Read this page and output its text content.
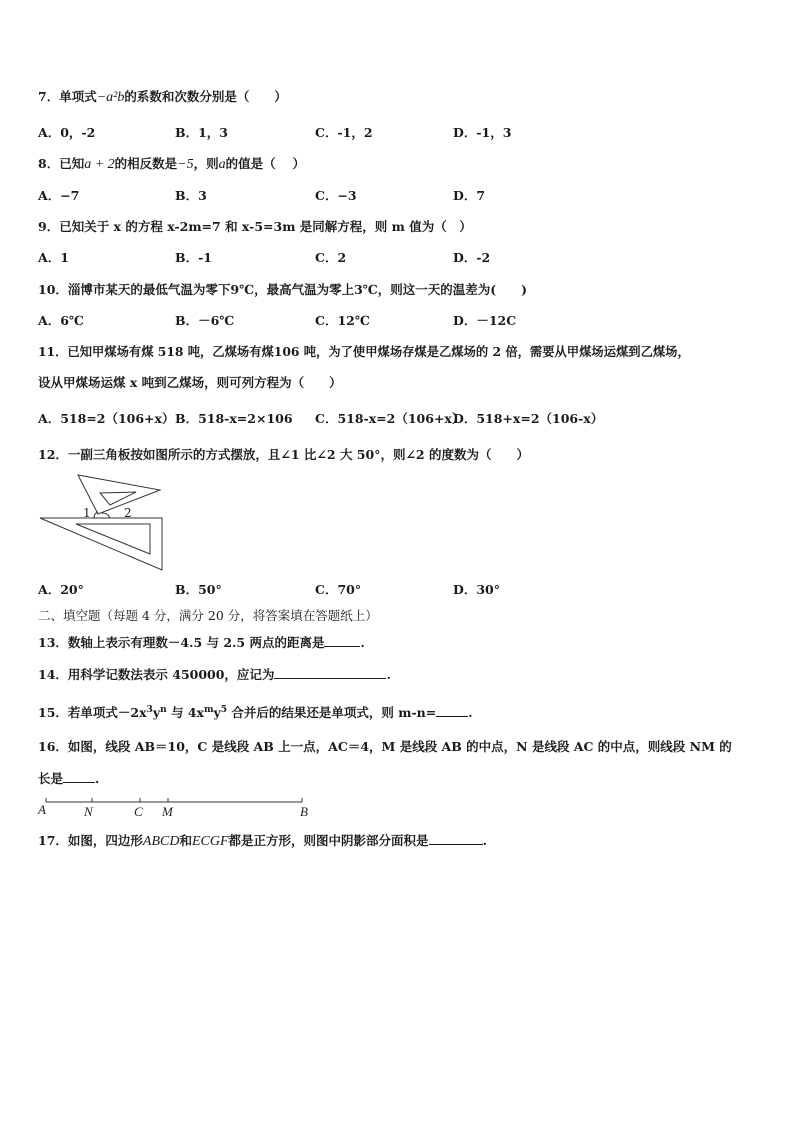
7．单项式−a²b的系数和次数分别是（　　）
A．0，-2	B．1，3	C．-1，2	D．-1，3
8．已知a + 2的相反数是−5，则a的值是（　 ）
A．−7	B．3	C．−3	D．7
9．已知关于 x 的方程 x-2m=7 和 x-5=3m 是同解方程，则 m 值为（　）
A．1	B．-1	C．2	D．-2
10．淄博市某天的最低气温为零下9℃，最高气温为零上3℃，则这一天的温差为(　　)
A．6℃	B．－6℃	C．12℃	D．－12C
11．已知甲煤场有煤 518 吨，乙煤场有煤106 吨，为了使甲煤场存煤是乙煤场的 2 倍，需要从甲煤场运煤到乙煤场，
设从甲煤场运煤 x 吨到乙煤场，则可列方程为（　　）
A．518=2（106+x） B．518-x=2×106 C．518-x=2（106+x）
D．518+x=2（106-x）
12．一副三角板按如图所示的方式摆放，且∠1 比∠2 大 50°，则∠2 的度数为（　　）
1	2
A．20°	B．50°	C．70°	D．30°
二、填空题（每题 4 分，满分 20 分，将答案填在答题纸上）
13．数轴上表示有理数－4.5 与 2.5 两点的距离是	.
14．用科学记数法表示 450000，应记为	.
15．若单项式$-2x^3y^n$ 与 $4x^my^5$ 合并后的结果还是单项式，则 m-n=	.
16．如图，线段 AB＝10，C 是线段 AB 上一点，AC＝4，M 是线段 AB 的中点，N 是线段 AC 的中点，则线段 NM 的
长是	.
A	N	C M	B
17．如图，四边形ABCD和ECGF都是正方形，则图中阴影部分面积是	.
